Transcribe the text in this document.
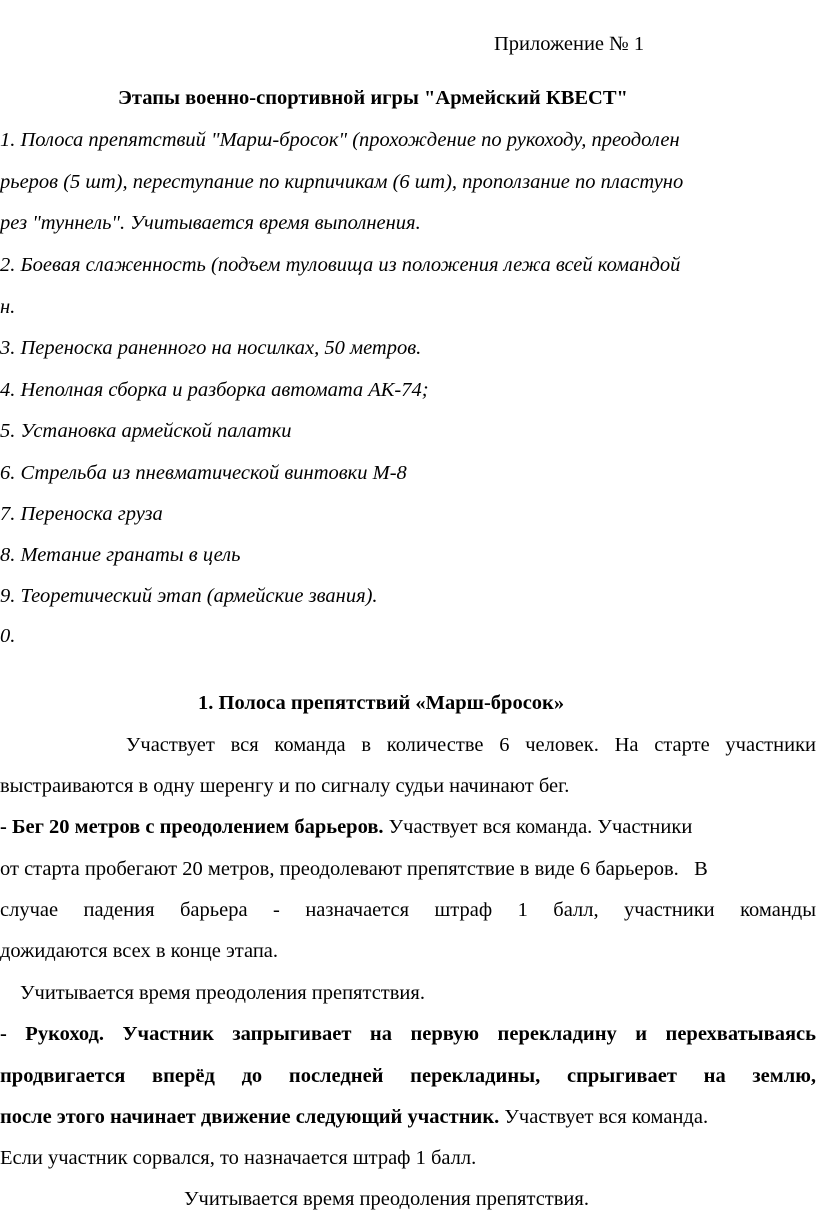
Приложение № 1
Этапы военно-спортивной игры "Армейский КВЕСТ"
1. Полоса препятствий "Марш-бросок" (прохождение по рукоходу, преодолен
рьеров (5 шт), переступание по кирпичикам (6 шт), проползание по пластуно
рез "туннель". Учитывается время выполнения.
2. Боевая слаженность (подъем туловища из положения лежа всей командой
н.
3. Переноска раненного на носилках, 50 метров.
4. Неполная сборка и разборка автомата АК-74;
5. Установка армейской палатки
6. Стрельба из пневматической винтовки М-8
7. Переноска груза
8. Метание гранаты в цель
9. Теоретический этап (армейские звания).
0.
1. Полоса препятствий «Марш-бросок»
Участвует вся команда в количестве 6 человек. На старте участники
выстраиваются в одну шеренгу и по сигналу судьи начинают бег.
- Бег 20 метров с преодолением барьеров. Участвует вся команда. Участники
от старта пробегают 20 метров, преодолевают препятствие в виде 6 барьеров.   В
случае падения барьера - назначается штраф 1 балл, участники команды
дожидаются всех в конце этапа.
Учитывается время преодоления препятствия.
- Рукоход. Участник запрыгивает на первую перекладину и перехватываясь
продвигается вперёд до последней перекладины, спрыгивает на землю,
после этого начинает движение следующий участник. Участвует вся команда.
Если участник сорвался, то назначается штраф 1 балл.
Учитывается время преодоления препятствия.
